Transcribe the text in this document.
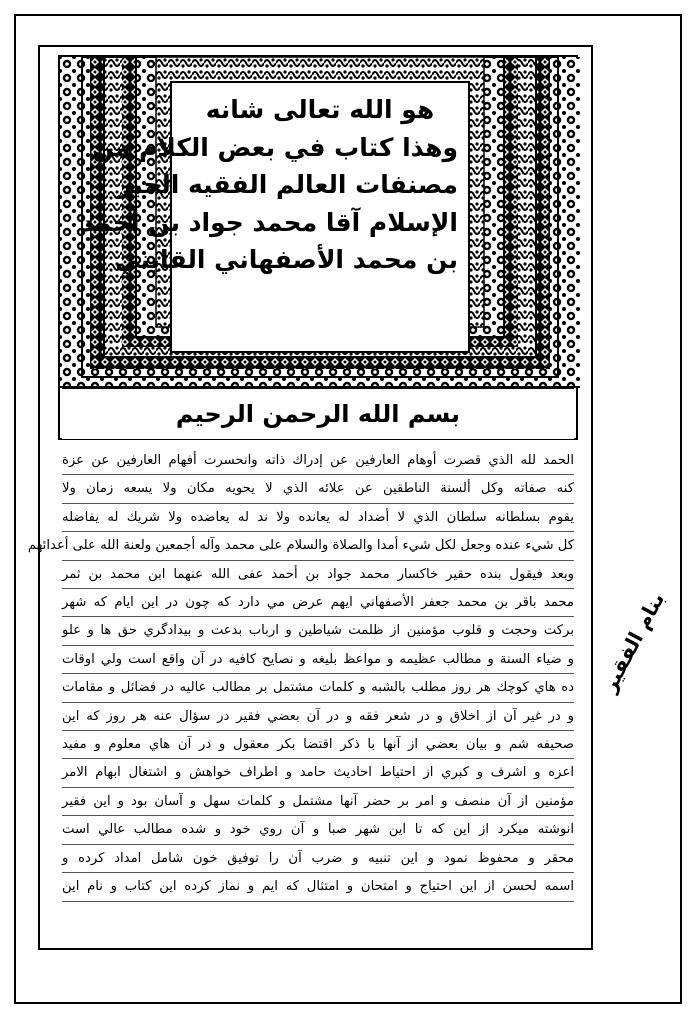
هو الله تعالى شانه
وهذا كتاب في بعض الكلام من
مصنفات العالم الفقيه الحبر
الإسلام آقا محمد جواد بن أحمد
بن محمد الأصفهاني القايني
بسم الله الرحمن الرحيم
الحمد لله الذي قصرت أوهام العارفين عن إدراك ذاته وانحسرت أفهام العارفين عن عزة
كنه صفاته وكل ألسنة الناطقين عن علائه الذي لا يحويه مكان ولا يسعه زمان ولا
يقوم بسلطانه سلطان الذي لا أضداد له يعانده ولا ند له يعاضده ولا شريك له يفاضله
كل شيء عنده وجعل لكل شيء أمدا والصلاة والسلام على محمد وآله أجمعين ولعنة الله على أعدائهم
وبعد فيقول بنده حقير خاكسار محمد جواد بن أحمد عفى الله عنهما ابن محمد بن ثمر
محمد باقر بن محمد جعفر الأصفهاني ايهم عرض مي دارد كه چون در اين ايام كه شهر
بركت وحجت و قلوب مؤمنين از ظلمت شياطين و ارباب بدعت و بيدادگري حق ها و علو
و ضياء السنة و مطالب عظيمه و مواعظ بليغه و نصايح كافيه در آن واقع است ولي اوقات
ده هاي كوچك هر روز مطلب بالشبه و كلمات مشتمل بر مطالب عاليه در فضائل و مقامات
و در غير آن از اخلاق و در شعر فقه و در آن بعضي فقير در سؤال عنه هر روز كه اين
صحيفه شم و بيان بعضي از آنها با ذكر اقتضا بكر معقول و در آن هاي معلوم و مفيد
اعزه و اشرف و كبري از احتياط احاديث حامد و اطراف خواهش و اشتغال ابهام الامر
مؤمنين از آن منصف و امر بر حضر آنها مشتمل و كلمات سهل و آسان بود و اين فقير
انوشته ميكرد از اين كه تا اين شهر صبا و آن روي خود و شده مطالب عالي است
محقر و محفوظ نمود و اين تنبيه و ضرب آن را توفيق خون شامل امداد كرده و
اسمه لحسن از اين احتياج و امتحان و امتثال كه ايم و نماز كرده اين كتاب و نام اين
بنام الفقير
